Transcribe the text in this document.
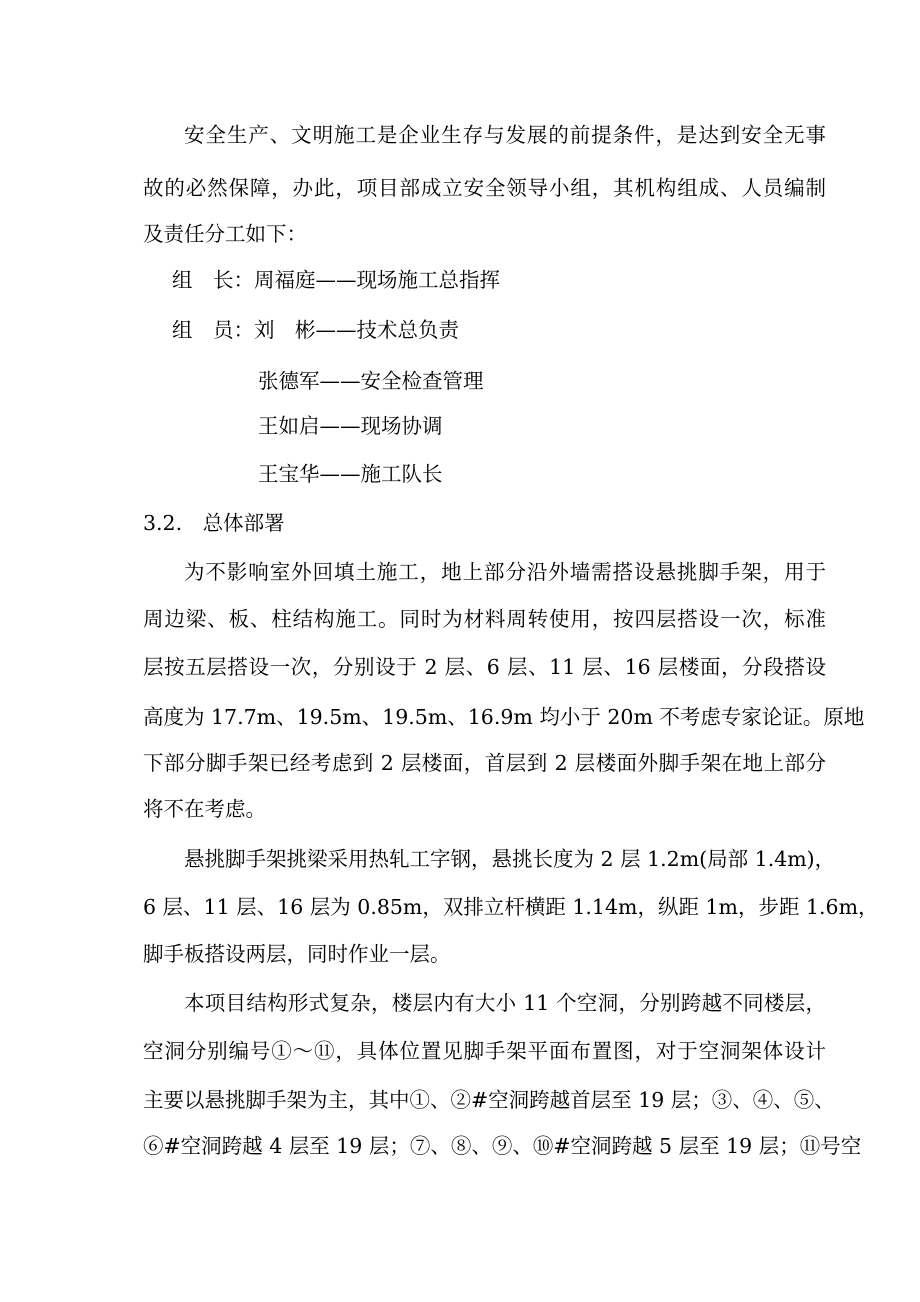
安全生产、文明施工是企业生存与发展的前提条件，是达到安全无事
故的必然保障，办此，项目部成立安全领导小组，其机构组成、人员编制
及责任分工如下：
组　长：周福庭——现场施工总指挥
组　员：刘　彬——技术总负责
张德军——安全检查管理
王如启——现场协调
王宝华——施工队长
3.2.　总体部署
为不影响室外回填土施工，地上部分沿外墙需搭设悬挑脚手架，用于
周边梁、板、柱结构施工。同时为材料周转使用，按四层搭设一次，标准
层按五层搭设一次，分别设于 2 层、6 层、11 层、16 层楼面，分段搭设
高度为 17.7m、19.5m、19.5m、16.9m 均小于 20m 不考虑专家论证。原地
下部分脚手架已经考虑到 2 层楼面，首层到 2 层楼面外脚手架在地上部分
将不在考虑。
悬挑脚手架挑梁采用热轧工字钢，悬挑长度为 2 层 1.2m(局部 1.4m)，
6 层、11 层、16 层为 0.85m，双排立杆横距 1.14m，纵距 1m，步距 1.6m，
脚手板搭设两层，同时作业一层。
本项目结构形式复杂，楼层内有大小 11 个空洞，分别跨越不同楼层，
空洞分别编号①～⑪，具体位置见脚手架平面布置图，对于空洞架体设计
主要以悬挑脚手架为主，其中①、②#空洞跨越首层至 19 层；③、④、⑤、
⑥#空洞跨越 4 层至 19 层；⑦、⑧、⑨、⑩#空洞跨越 5 层至 19 层；⑪号空
